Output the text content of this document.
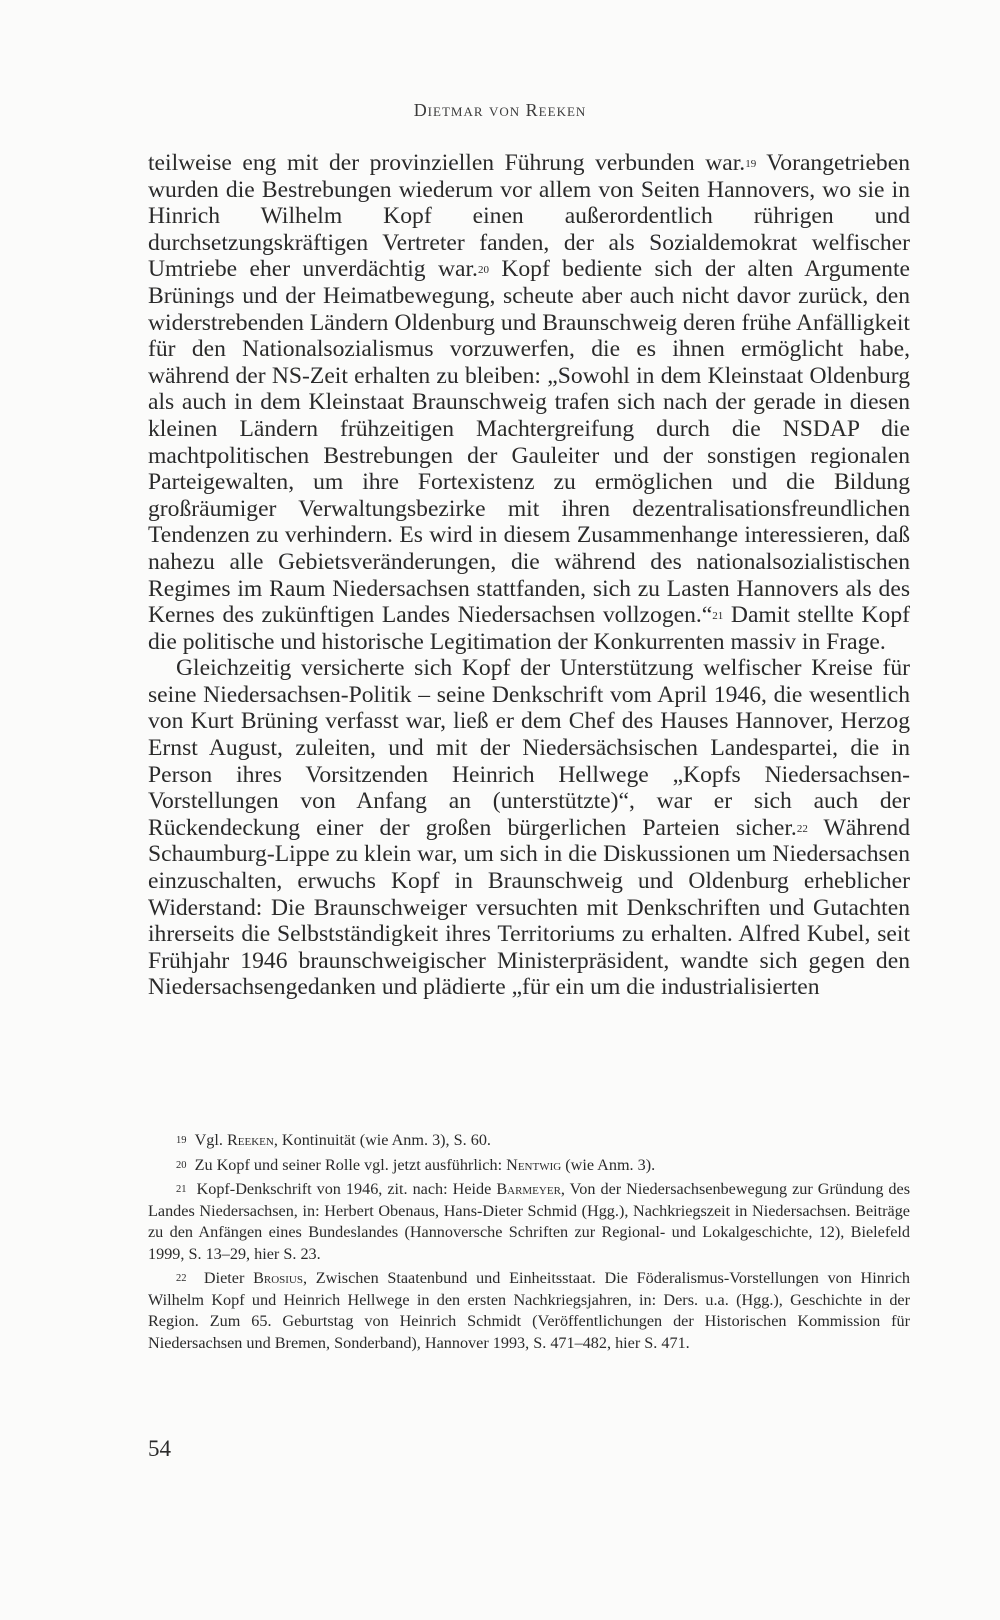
Dietmar von Reeken

teilweise eng mit der provinziellen Führung verbunden war.$^{19}$ Vorangetrieben wurden die Bestrebungen wiederum vor allem von Seiten Hannovers, wo sie in Hinrich Wilhelm Kopf einen außerordentlich rührigen und durchsetzungskräftigen Vertreter fanden, der als Sozialdemokrat welfischer Umtriebe eher unverdächtig war.$^{20}$ Kopf bediente sich der alten Argumente Brünings und der Heimatbewegung, scheute aber auch nicht davor zurück, den widerstrebenden Ländern Oldenburg und Braunschweig deren frühe Anfälligkeit für den Nationalsozialismus vorzuwerfen, die es ihnen ermöglicht habe, während der NS-Zeit erhalten zu bleiben: „Sowohl in dem Kleinstaat Oldenburg als auch in dem Kleinstaat Braunschweig trafen sich nach der gerade in diesen kleinen Ländern frühzeitigen Machtergreifung durch die NSDAP die machtpolitischen Bestrebungen der Gauleiter und der sonstigen regionalen Parteigewalten, um ihre Fortexistenz zu ermöglichen und die Bildung großräumiger Verwaltungsbezirke mit ihren dezentralisationsfreundlichen Tendenzen zu verhindern. Es wird in diesem Zusammenhange interessieren, daß nahezu alle Gebietsveränderungen, die während des nationalsozialistischen Regimes im Raum Niedersachsen stattfanden, sich zu Lasten Hannovers als des Kernes des zukünftigen Landes Niedersachsen vollzogen.“$^{21}$ Damit stellte Kopf die politische und historische Legitimation der Konkurrenten massiv in Frage.

Gleichzeitig versicherte sich Kopf der Unterstützung welfischer Kreise für seine Niedersachsen-Politik – seine Denkschrift vom April 1946, die wesentlich von Kurt Brüning verfasst war, ließ er dem Chef des Hauses Hannover, Herzog Ernst August, zuleiten, und mit der Niedersächsischen Landespartei, die in Person ihres Vorsitzenden Heinrich Hellwege „Kopfs Niedersachsen-Vorstellungen von Anfang an (unterstützte)“, war er sich auch der Rückendeckung einer der großen bürgerlichen Parteien sicher.$^{22}$ Während Schaumburg-Lippe zu klein war, um sich in die Diskussionen um Niedersachsen einzuschalten, erwuchs Kopf in Braunschweig und Oldenburg erheblicher Widerstand: Die Braunschweiger versuchten mit Denkschriften und Gutachten ihrerseits die Selbstständigkeit ihres Territoriums zu erhalten. Alfred Kubel, seit Frühjahr 1946 braunschweigischer Ministerpräsident, wandte sich gegen den Niedersachsengedanken und plädierte „für ein um die industrialisierten

$^{19}$ Vgl. Reeken, Kontinuität (wie Anm. 3), S. 60.

$^{20}$ Zu Kopf und seiner Rolle vgl. jetzt ausführlich: Nentwig (wie Anm. 3).

$^{21}$ Kopf-Denkschrift von 1946, zit. nach: Heide Barmeyer, Von der Niedersachsenbewegung zur Gründung des Landes Niedersachsen, in: Herbert Obenaus, Hans-Dieter Schmid (Hgg.), Nachkriegszeit in Niedersachsen. Beiträge zu den Anfängen eines Bundeslandes (Hannoversche Schriften zur Regional- und Lokalgeschichte, 12), Bielefeld 1999, S. 13–29, hier S. 23.

$^{22}$ Dieter Brosius, Zwischen Staatenbund und Einheitsstaat. Die Föderalismus-Vorstellungen von Hinrich Wilhelm Kopf und Heinrich Hellwege in den ersten Nachkriegsjahren, in: Ders. u.a. (Hgg.), Geschichte in der Region. Zum 65. Geburtstag von Heinrich Schmidt (Veröffentlichungen der Historischen Kommission für Niedersachsen und Bremen, Sonderband), Hannover 1993, S. 471–482, hier S. 471.

54
